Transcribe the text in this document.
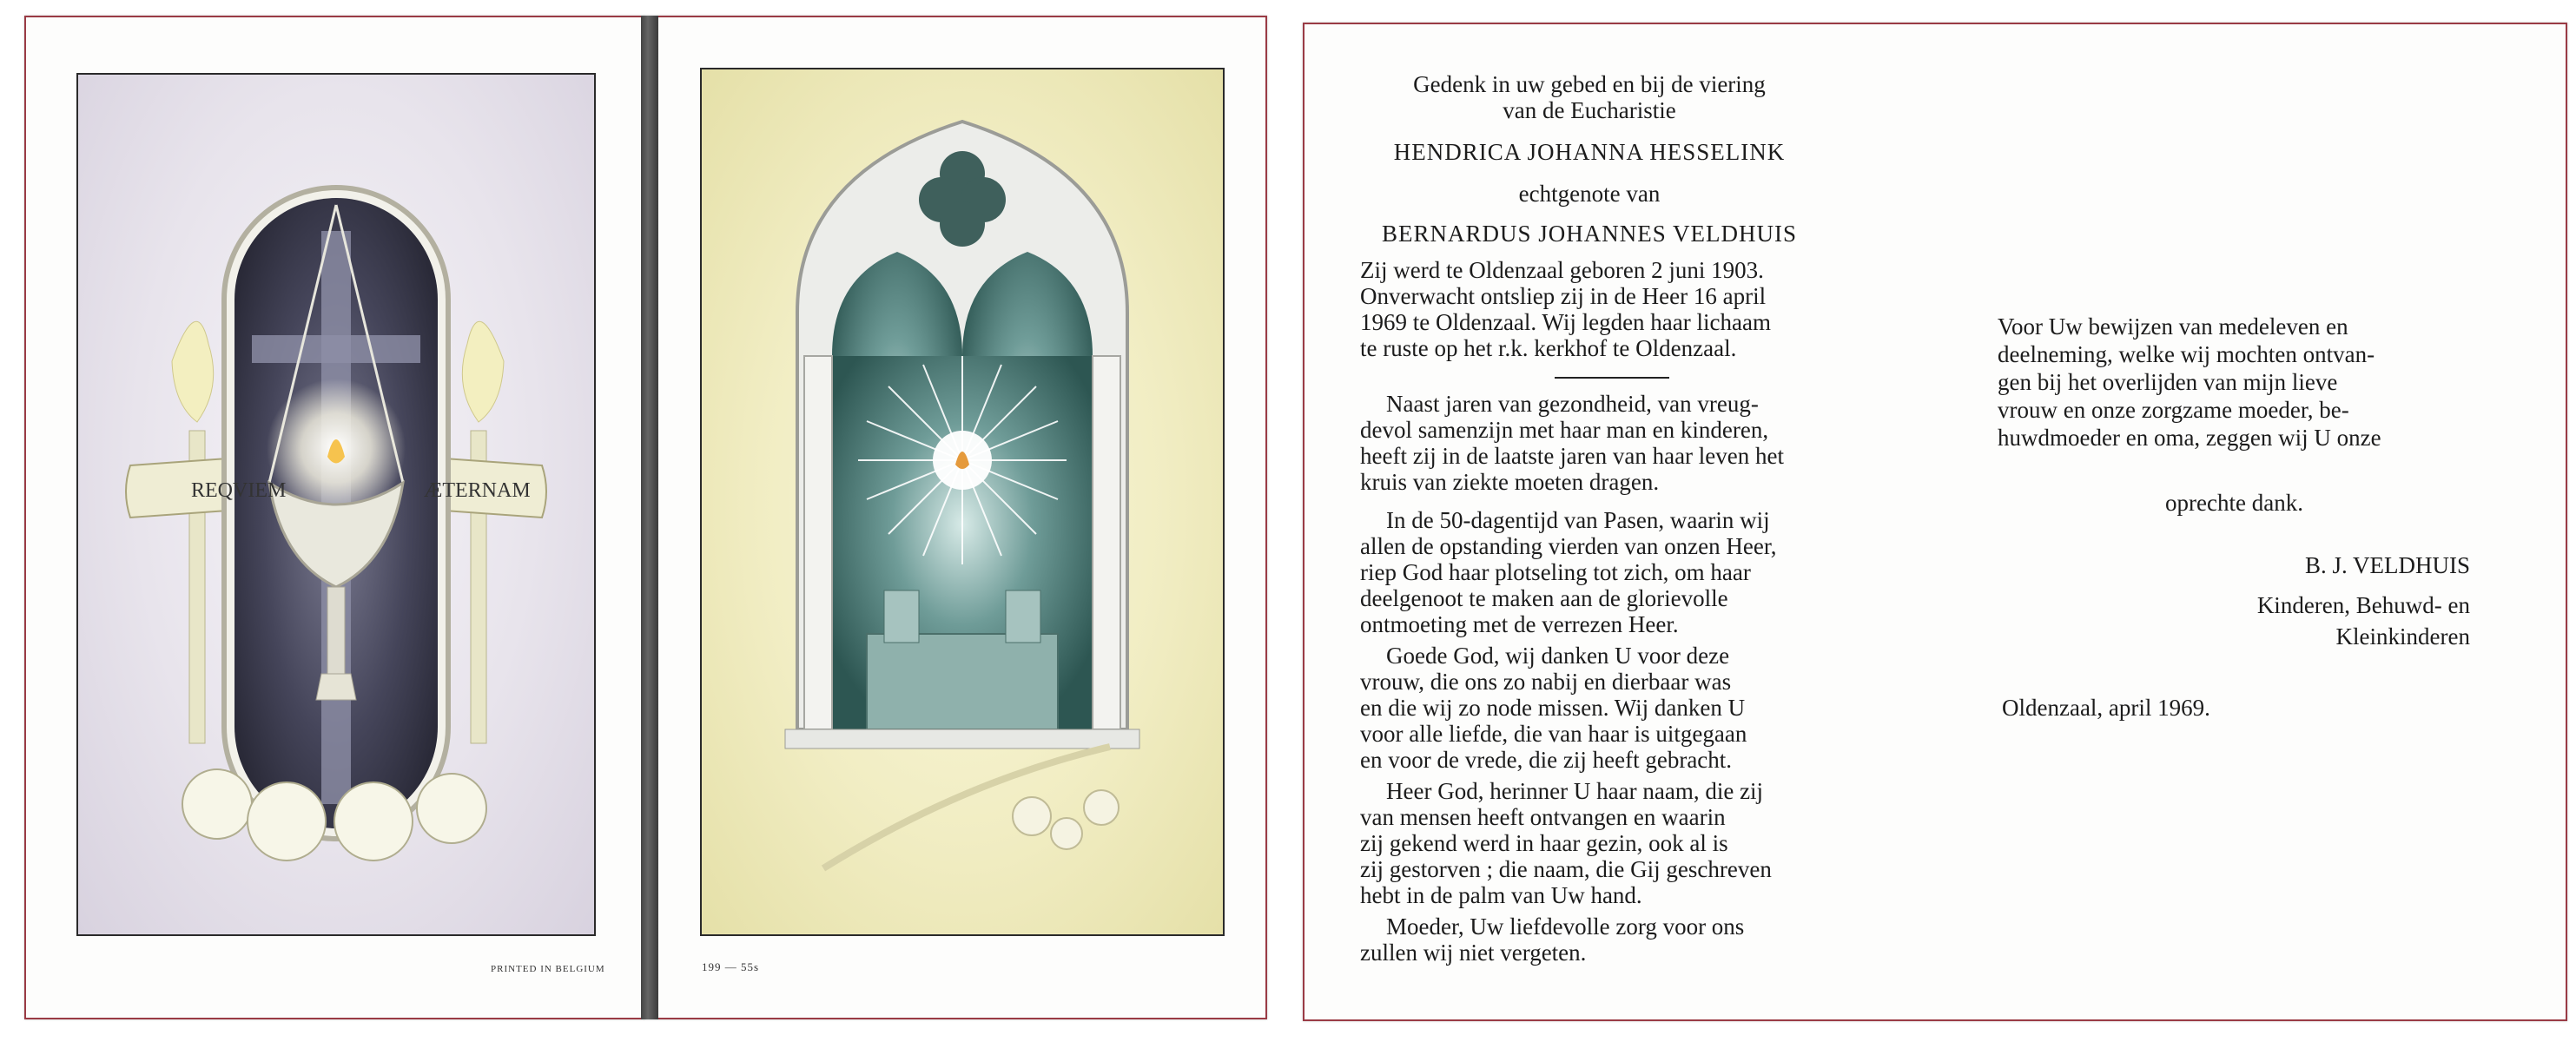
REQVIEM	ÆTERNAM
PRINTED IN BELGIUM	199 — 55s
Gedenk in uw gebed en bij de viering
van de Eucharistie
HENDRICA JOHANNA HESSELINK
echtgenote van
BERNARDUS JOHANNES VELDHUIS
Zij werd te Oldenzaal geboren 2 juni 1903.
Onverwacht ontsliep zij in de Heer 16 april
1969 te Oldenzaal. Wij legden haar lichaam
te ruste op het r.k. kerkhof te Oldenzaal.
Naast jaren van gezondheid, van vreug-
devol samenzijn met haar man en kinderen,
heeft zij in de laatste jaren van haar leven het
kruis van ziekte moeten dragen.
In de 50-dagentijd van Pasen, waarin wij
allen de opstanding vierden van onzen Heer,
riep God haar plotseling tot zich, om haar
deelgenoot te maken aan de glorievolle
ontmoeting met de verrezen Heer.
Goede God, wij danken U voor deze
vrouw, die ons zo nabij en dierbaar was
en die wij zo node missen. Wij danken U
voor alle liefde, die van haar is uitgegaan
en voor de vrede, die zij heeft gebracht.
Heer God, herinner U haar naam, die zij
van mensen heeft ontvangen en waarin
zij gekend werd in haar gezin, ook al is
zij gestorven ; die naam, die Gij geschreven
hebt in de palm van Uw hand.
Moeder, Uw liefdevolle zorg voor ons
zullen wij niet vergeten.
Voor Uw bewijzen van medeleven en
deelneming, welke wij mochten ontvan-
gen bij het overlijden van mijn lieve
vrouw en onze zorgzame moeder, be-
huwdmoeder en oma, zeggen wij U onze
oprechte dank.
B. J. VELDHUIS
Kinderen, Behuwd- en
Kleinkinderen
Oldenzaal, april 1969.
